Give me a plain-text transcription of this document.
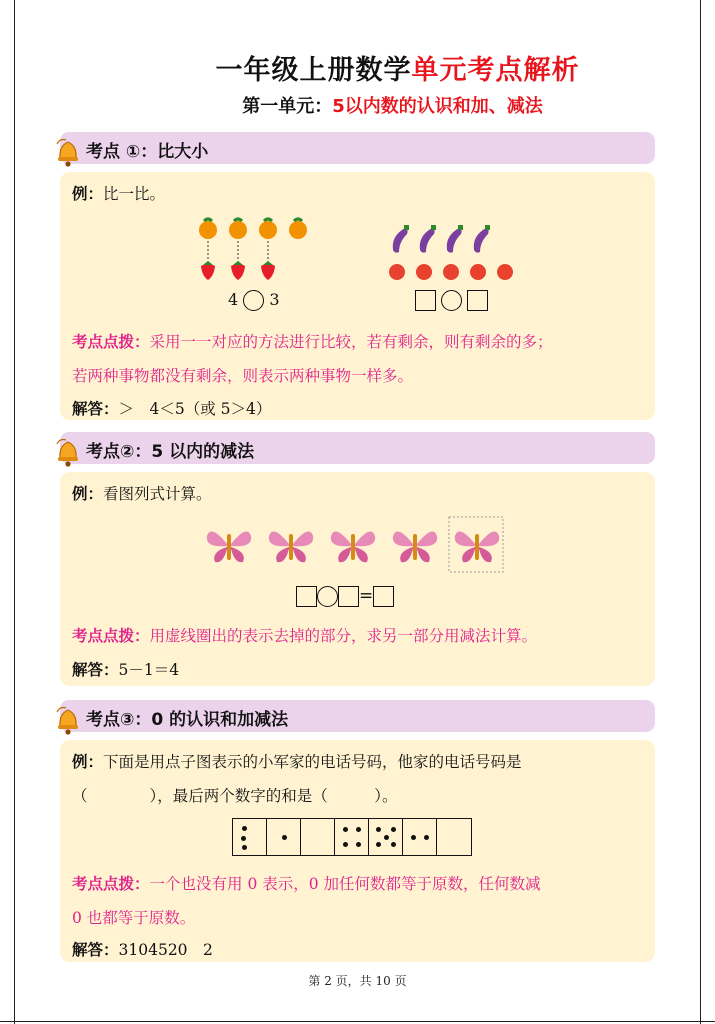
一年级上册数学单元考点解析
第一单元：5以内数的认识和加、减法
考点 ①：比大小
例：比一比。
4 3

考点点拨：采用一一对应的方法进行比较，若有剩余，则有剩余的多；
若两种事物都没有剩余，则表示两种事物一样多。
解答：＞　4＜5（或 5＞4）
考点②：5 以内的减法
例：看图列式计算。
=
考点点拨：用虚线圈出的表示去掉的部分，求另一部分用减法计算。
解答：5－1＝4
考点③：0 的认识和加减法
例：下面是用点子图表示的小军家的电话号码，他家的电话号码是
（　　　　），最后两个数字的和是（　　　）。
考点点拨：一个也没有用 0 表示，0 加任何数都等于原数，任何数减
0 也都等于原数。
解答：3104520　2
第 2 页，共 10 页
